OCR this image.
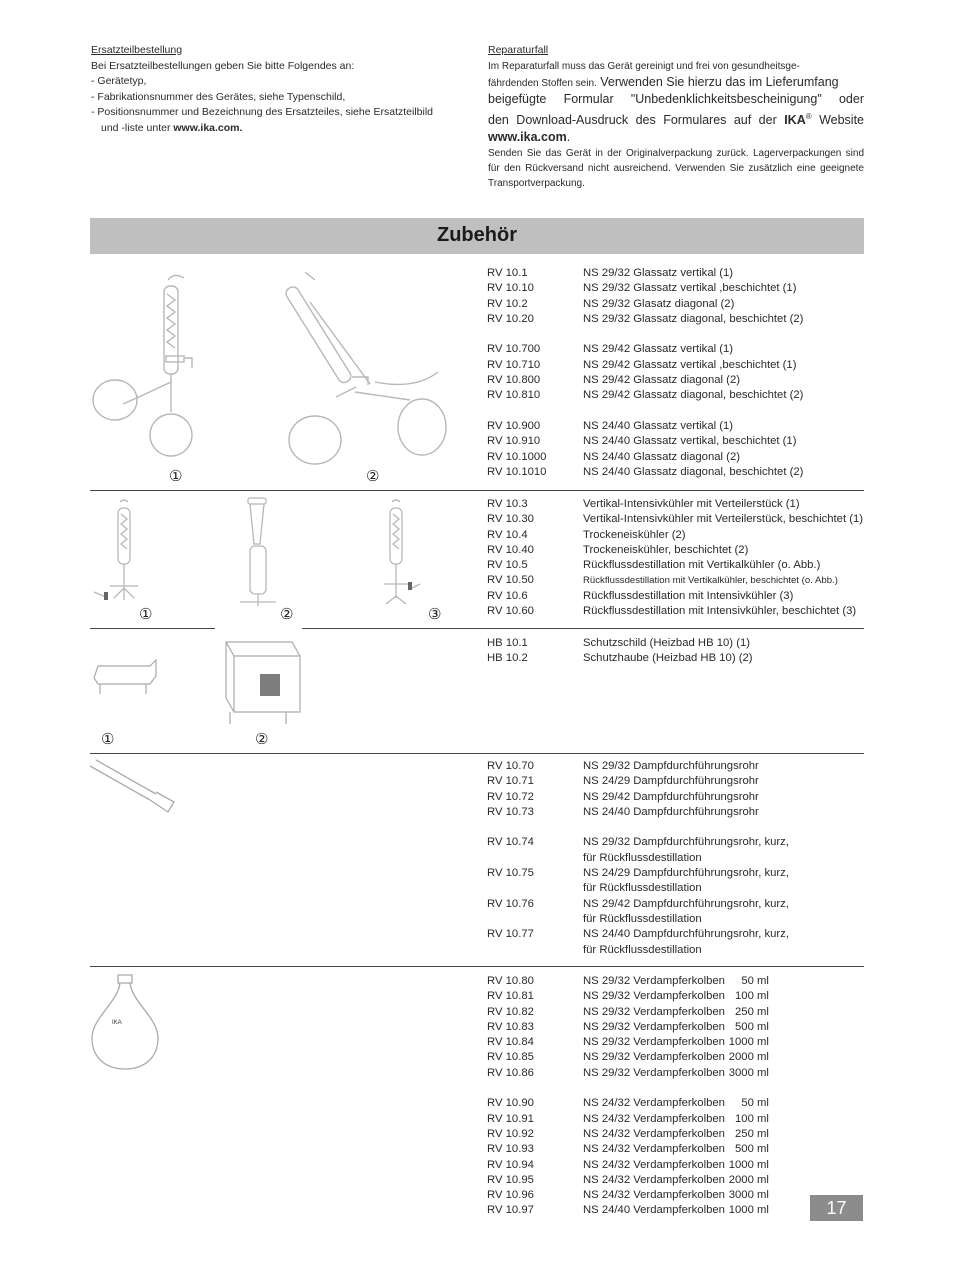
Ersatzteilbestellung
Bei Ersatzteilbestellungen geben Sie bitte Folgendes an:
- Gerätetyp,
- Fabrikationsnummer des Gerätes, siehe Typenschild,
- Positionsnummer und Bezeichnung des Ersatzteiles, siehe Ersatzteilbild
und -liste unter www.ika.com.
Reparaturfall
Im Reparaturfall muss das Gerät gereinigt und frei von gesundheitsge-
fährdenden Stoffen sein. Verwenden Sie hierzu das im Lieferumfang
beigefügte Formular "Unbedenklichkeitsbescheinigung" oder
den Download-Ausdruck des Formulares auf der IKA® Website
www.ika.com.
Senden Sie das Gerät in der Originalverpackung zurück. Lagerverpackungen sind für den Rückversand nicht ausreichend. Verwenden Sie zusätzlich eine geeignete Transportverpackung.
Zubehör
①	②
①	②	③
①	②
IKA
RV 10.1	NS 29/32 Glassatz vertikal (1)
RV 10.10	NS 29/32 Glassatz vertikal ,beschichtet (1)
RV 10.2	NS 29/32 Glasatz diagonal (2)
RV 10.20	NS 29/32 Glassatz diagonal, beschichtet (2)
RV 10.700	NS 29/42 Glassatz vertikal (1)
RV 10.710	NS 29/42 Glassatz vertikal ,beschichtet (1)
RV 10.800	NS 29/42 Glassatz diagonal (2)
RV 10.810	NS 29/42 Glassatz diagonal, beschichtet (2)
RV 10.900	NS 24/40 Glassatz vertikal (1)
RV 10.910	NS 24/40 Glassatz vertikal, beschichtet (1)
RV 10.1000	NS 24/40 Glassatz diagonal (2)
RV 10.1010	NS 24/40 Glassatz diagonal, beschichtet (2)
RV 10.3	Vertikal-Intensivkühler mit Verteilerstück (1)
RV 10.30	Vertikal-Intensivkühler mit Verteilerstück, beschichtet (1)
RV 10.4	Trockeneiskühler (2)
RV 10.40	Trockeneiskühler, beschichtet (2)
RV 10.5	Rückflussdestillation mit Vertikalkühler (o. Abb.)
RV 10.50	Rückflussdestillation mit Vertikalkühler, beschichtet (o. Abb.)
RV 10.6	Rückflussdestillation mit Intensivkühler (3)
RV 10.60	Rückflussdestillation mit Intensivkühler, beschichtet (3)
HB 10.1	Schutzschild (Heizbad HB 10) (1)
HB 10.2	Schutzhaube (Heizbad HB 10) (2)
RV 10.70	NS 29/32 Dampfdurchführungsrohr
RV 10.71	NS 24/29 Dampfdurchführungsrohr
RV 10.72	NS 29/42 Dampfdurchführungsrohr
RV 10.73	NS 24/40 Dampfdurchführungsrohr
RV 10.74	NS 29/32 Dampfdurchführungsrohr, kurz,
für Rückflussdestillation
RV 10.75	NS 24/29 Dampfdurchführungsrohr, kurz,
für Rückflussdestillation
RV 10.76	NS 29/42 Dampfdurchführungsrohr, kurz,
für Rückflussdestillation
RV 10.77	NS 24/40 Dampfdurchführungsrohr, kurz,
für Rückflussdestillation
RV 10.80	NS 29/32 Verdampferkolben 50 ml
RV 10.81	NS 29/32 Verdampferkolben 100 ml
RV 10.82	NS 29/32 Verdampferkolben 250 ml
RV 10.83	NS 29/32 Verdampferkolben 500 ml
RV 10.84	NS 29/32 Verdampferkolben 1000 ml
RV 10.85	NS 29/32 Verdampferkolben 2000 ml
RV 10.86	NS 29/32 Verdampferkolben 3000 ml
RV 10.90	NS 24/32 Verdampferkolben 50 ml
RV 10.91	NS 24/32 Verdampferkolben 100 ml
RV 10.92	NS 24/32 Verdampferkolben 250 ml
RV 10.93	NS 24/32 Verdampferkolben 500 ml
RV 10.94	NS 24/32 Verdampferkolben 1000 ml
RV 10.95	NS 24/32 Verdampferkolben 2000 ml
RV 10.96	NS 24/32 Verdampferkolben 3000 ml
RV 10.97	NS 24/40 Verdampferkolben 1000 ml	17
